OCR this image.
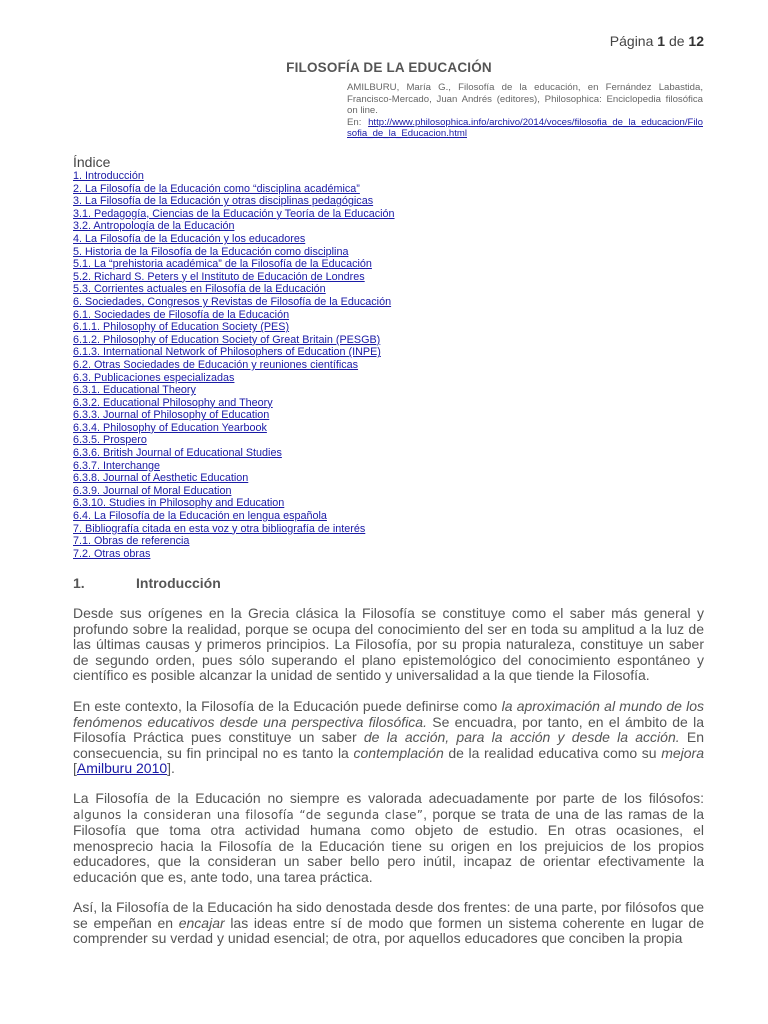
Página 1 de 12
FILOSOFÍA DE LA EDUCACIÓN
AMILBURU, María G., Filosofía de la educación, en Fernández Labastida, Francisco-Mercado, Juan Andrés (editores), Philosophica: Enciclopedia filosófica on line.
En: http://www.philosophica.info/archivo/2014/voces/filosofia_de_la_educacion/Filosofia_de_la_Educacion.html
Índice
1. Introducción
2. La Filosofía de la Educación como “disciplina académica”
3. La Filosofía de la Educación y otras disciplinas pedagógicas
3.1. Pedagogía, Ciencias de la Educación y Teoría de la Educación
3.2. Antropología de la Educación
4. La Filosofía de la Educación y los educadores
5. Historia de la Filosofía de la Educación como disciplina
5.1. La “prehistoria académica” de la Filosofía de la Educación
5.2. Richard S. Peters y el Instituto de Educación de Londres
5.3. Corrientes actuales en Filosofía de la Educación
6. Sociedades, Congresos y Revistas de Filosofía de la Educación
6.1. Sociedades de Filosofía de la Educación
6.1.1. Philosophy of Education Society (PES)
6.1.2. Philosophy of Education Society of Great Britain (PESGB)
6.1.3. International Network of Philosophers of Education (INPE)
6.2. Otras Sociedades de Educación y reuniones científicas
6.3. Publicaciones especializadas
6.3.1. Educational Theory
6.3.2. Educational Philosophy and Theory
6.3.3. Journal of Philosophy of Education
6.3.4. Philosophy of Education Yearbook
6.3.5. Prospero
6.3.6. British Journal of Educational Studies
6.3.7. Interchange
6.3.8. Journal of Aesthetic Education
6.3.9. Journal of Moral Education
6.3.10. Studies in Philosophy and Education
6.4. La Filosofía de la Educación en lengua española
7. Bibliografía citada en esta voz y otra bibliografía de interés
7.1. Obras de referencia
7.2. Otras obras
1.	Introducción

Desde sus orígenes en la Grecia clásica la Filosofía se constituye como el saber más general y profundo sobre la realidad, porque se ocupa del conocimiento del ser en toda su amplitud a la luz de las últimas causas y primeros principios. La Filosofía, por su propia naturaleza, constituye un saber de segundo orden, pues sólo superando el plano epistemológico del conocimiento espontáneo y científico es posible alcanzar la unidad de sentido y universalidad a la que tiende la Filosofía.

En este contexto, la Filosofía de la Educación puede definirse como la aproximación al mundo de los fenómenos educativos desde una perspectiva filosófica. Se encuadra, por tanto, en el ámbito de la Filosofía Práctica pues constituye un saber de la acción, para la acción y desde la acción. En consecuencia, su fin principal no es tanto la contemplación de la realidad educativa como su mejora [Amilburu 2010].

La Filosofía de la Educación no siempre es valorada adecuadamente por parte de los filósofos: algunos la consideran una filosofía “de segunda clase”, porque se trata de una de las ramas de la Filosofía que toma otra actividad humana como objeto de estudio. En otras ocasiones, el menosprecio hacia la Filosofía de la Educación tiene su origen en los prejuicios de los propios educadores, que la consideran un saber bello pero inútil, incapaz de orientar efectivamente la educación que es, ante todo, una tarea práctica.

Así, la Filosofía de la Educación ha sido denostada desde dos frentes: de una parte, por filósofos que se empeñan en encajar las ideas entre sí de modo que formen un sistema coherente en lugar de comprender su verdad y unidad esencial; de otra, por aquellos educadores que conciben la propia
